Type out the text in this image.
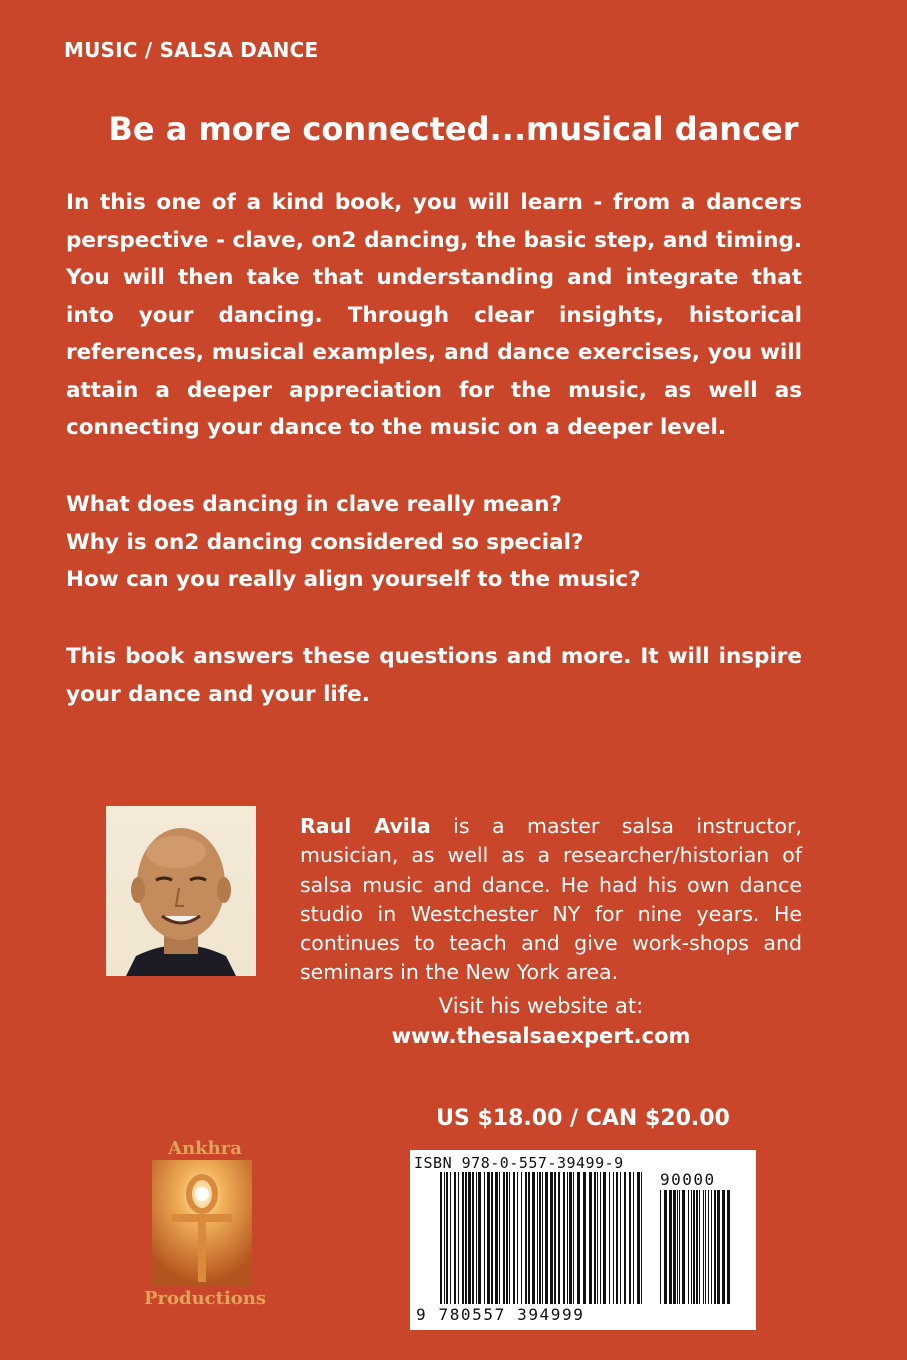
MUSIC / SALSA DANCE
Be a more connected...musical dancer

In this one of a kind book, you will learn - from a dancers perspective - clave, on2 dancing, the basic step, and timing. You will then take that understanding and integrate that into your dancing. Through clear insights, historical references, musical examples, and dance exercises, you will attain a deeper appreciation for the music, as well as connecting your dance to the music on a deeper level.

What does dancing in clave really mean?
Why is on2 dancing considered so special?
How can you really align yourself to the music?

This book answers these questions and more. It will inspire your dance and your life.

Raul Avila is a master salsa instructor, musician, as well as a researcher/historian of salsa music and dance. He had his own dance studio in Westchester NY for nine years. He continues to teach and give work-shops and seminars in the New York area.

Visit his website at:
www.thesalsaexpert.com
US $18.00 / CAN $20.00
ISBN 978-0-557-39499-9
90000
9 780557 394999
Ankhra
Productions
